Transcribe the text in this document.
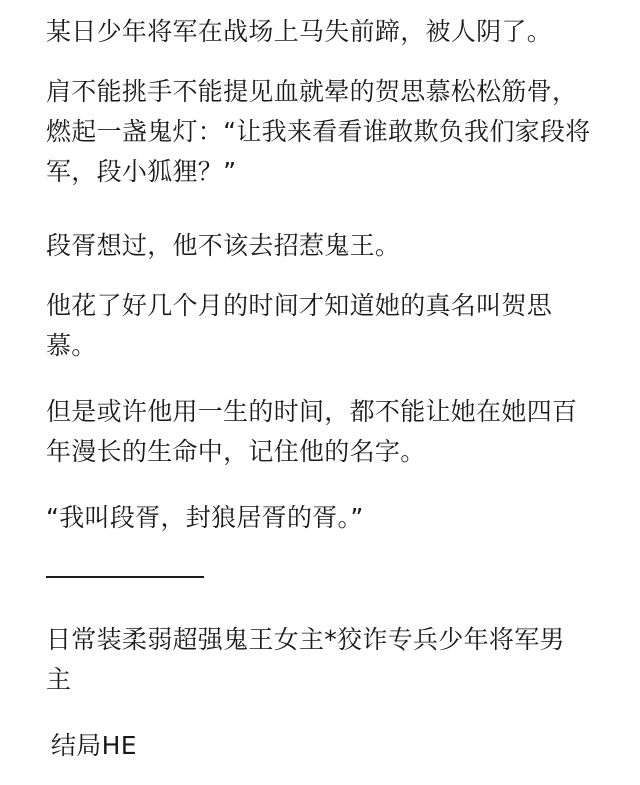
某日少年将军在战场上马失前蹄，被人阴了。

肩不能挑手不能提见血就晕的贺思慕松松筋骨，
燃起一盏鬼灯：“让我来看看谁敢欺负我们家段将
军，段小狐狸？”

段胥想过，他不该去招惹鬼王。

他花了好几个月的时间才知道她的真名叫贺思
慕。

但是或许他用一生的时间，都不能让她在她四百
年漫长的生命中，记住他的名字。

“我叫段胥，封狼居胥的胥。”

日常装柔弱超强鬼王女主*狡诈专兵少年将军男
主

结局HE
